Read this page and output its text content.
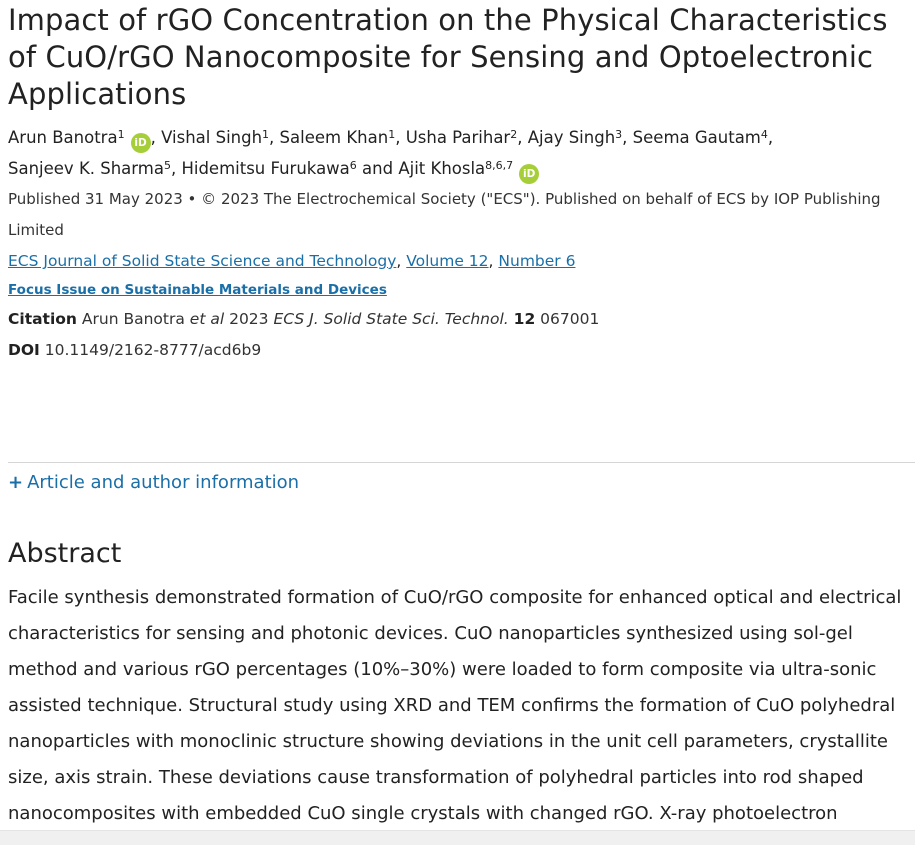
Impact of rGO Concentration on the Physical Characteristics of CuO/rGO Nanocomposite for Sensing and Optoelectronic Applications
Arun Banotra$^1$iD , Vishal Singh$^1$, Saleem Khan$^1$, Usha Parihar$^2$, Ajay Singh$^3$, Seema Gautam$^4$, Sanjeev K. Sharma$^5$, Hidemitsu Furukawa$^6$ and Ajit Khosla$^{8,6,7}$iD
Published 31 May 2023 • © 2023 The Electrochemical Society ("ECS"). Published on behalf of ECS by IOP Publishing Limited
ECS Journal of Solid State Science and Technology, Volume 12, Number 6
Focus Issue on Sustainable Materials and Devices
Citation Arun Banotra et al 2023 ECS J. Solid State Sci. Technol. 12 067001
DOI 10.1149/2162-8777/acd6b9
+ Article and author information
Abstract

Facile synthesis demonstrated formation of CuO/rGO composite for enhanced optical and electrical characteristics for sensing and photonic devices. CuO nanoparticles synthesized using sol-gel method and various rGO percentages (10%–30%) were loaded to form composite via ultra-sonic assisted technique. Structural study using XRD and TEM confirms the formation of CuO polyhedral nanoparticles with monoclinic structure showing deviations in the unit cell parameters, crystallite size, axis strain. These deviations cause transformation of polyhedral particles into rod shaped nanocomposites with embedded CuO single crystals with changed rGO. X-ray photoelectron
